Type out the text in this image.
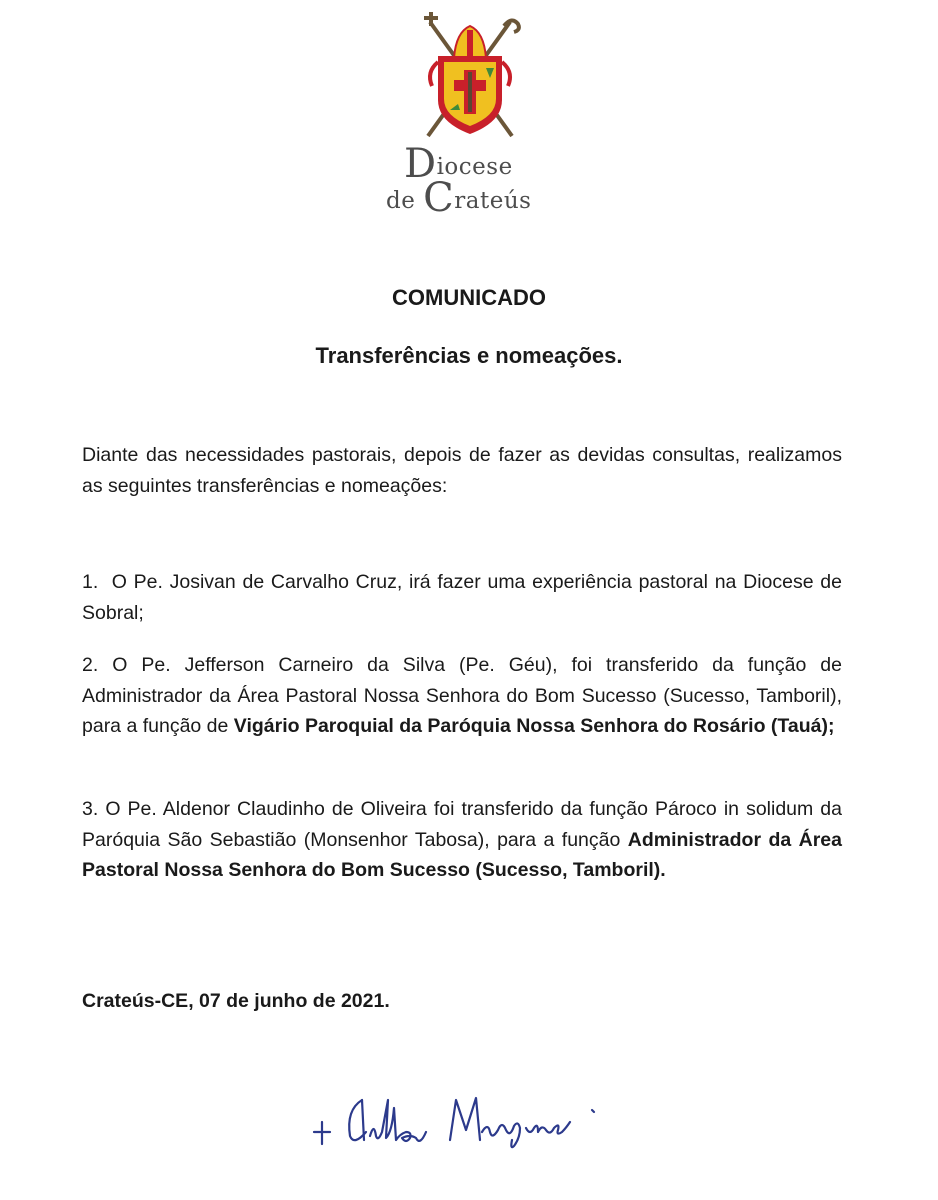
Diocese
de Crateús
COMUNICADO
Transferências e nomeações.

Diante das necessidades pastorais, depois de fazer as devidas consultas, realizamos as seguintes transferências e nomeações:

1. O Pe. Josivan de Carvalho Cruz, irá fazer uma experiência pastoral na Diocese de Sobral;

2. O Pe. Jefferson Carneiro da Silva (Pe. Géu), foi transferido da função de Administrador da Área Pastoral Nossa Senhora do Bom Sucesso (Sucesso, Tamboril), para a função de Vigário Paroquial da Paróquia Nossa Senhora do Rosário (Tauá);

3. O Pe. Aldenor Claudinho de Oliveira foi transferido da função Pároco in solidum da Paróquia São Sebastião (Monsenhor Tabosa), para a função Administrador da Área Pastoral Nossa Senhora do Bom Sucesso (Sucesso, Tamboril).

Crateús-CE, 07 de junho de 2021.
